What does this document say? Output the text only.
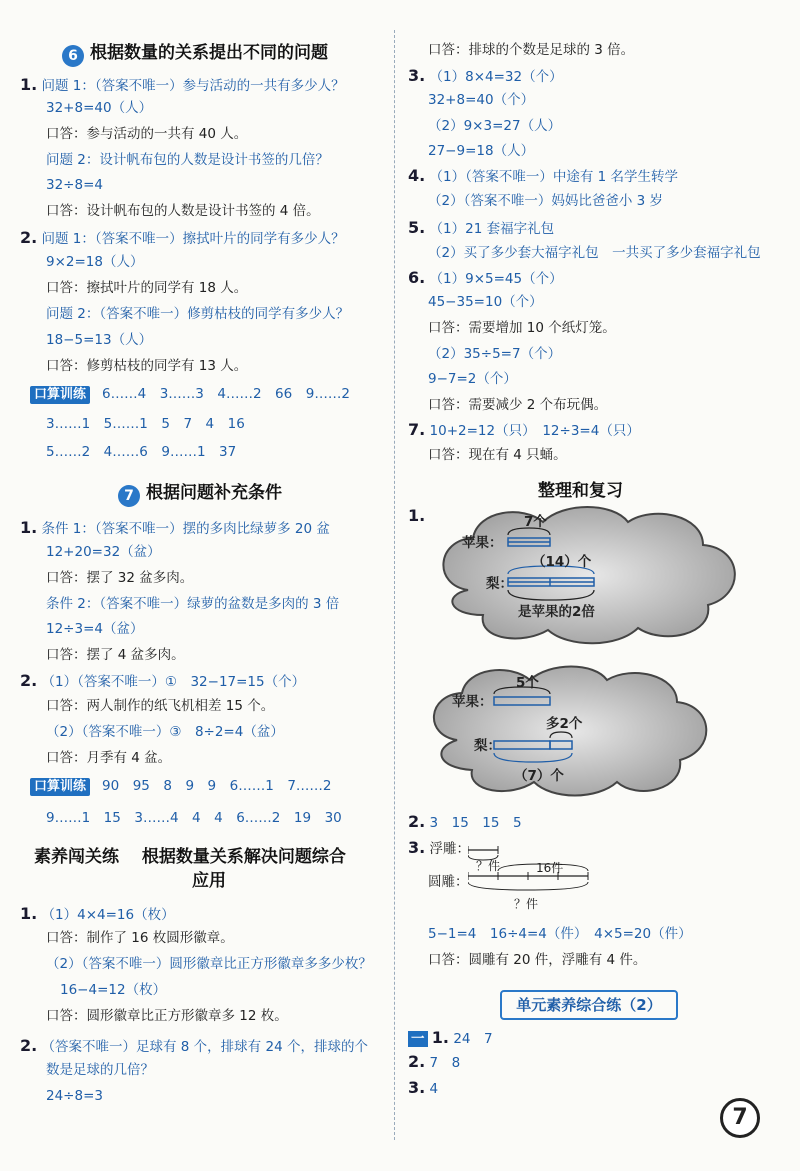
6 根据数量的关系提出不同的问题
1. 问题 1：（答案不唯一）参与活动的一共有多少人？
32+8=40（人）
口答：参与活动的一共有 40 人。
问题 2：设计帆布包的人数是设计书签的几倍？
32÷8=4
口答：设计帆布包的人数是设计书签的 4 倍。
2. 问题 1：（答案不唯一）擦拭叶片的同学有多少人？
9×2=18（人）
口答：擦拭叶片的同学有 18 人。
问题 2：（答案不唯一）修剪枯枝的同学有多少人？
18−5=13（人）
口答：修剪枯枝的同学有 13 人。
口算训练 6……4　3……3　4……2　66　9……2
3……1　5……1　5　7　4　16
5……2　4……6　9……1　37
7 根据问题补充条件
1. 条件 1：（答案不唯一）摆的多肉比绿萝多 20 盆
12+20=32（盆）
口答：摆了 32 盆多肉。
条件 2：（答案不唯一）绿萝的盆数是多肉的 3 倍
12÷3=4（盆）
口答：摆了 4 盆多肉。
2. （1）（答案不唯一）①　32−17=15（个）
口答：两人制作的纸飞机相差 15 个。
（2）（答案不唯一）③　8÷2=4（盆）
口答：月季有 4 盆。
口算训练 90　95　8　9　9　6……1　7……2
9……1　15　3……4　4　4　6……2　19　30
素养闯关练　 根据数量关系解决问题综合
应用
1. （1）4×4=16（枚）
口答：制作了 16 枚圆形徽章。
（2）（答案不唯一）圆形徽章比正方形徽章多多少枚？
16−4=12（枚）
口答：圆形徽章比正方形徽章多 12 枚。
2. （答案不唯一）足球有 8 个，排球有 24 个，排球的个
数是足球的几倍？
24÷8=3
口答：排球的个数是足球的 3 倍。
3. （1）8×4=32（个）
32+8=40（个）
（2）9×3=27（人）
27−9=18（人）
4. （1）（答案不唯一）中途有 1 名学生转学
（2）（答案不唯一）妈妈比爸爸小 3 岁
5. （1）21 套福字礼包
（2）买了多少套大福字礼包　一共买了多少套福字礼包
6. （1）9×5=45（个）
45−35=10（个）
口答：需要增加 10 个纸灯笼。
（2）35÷5=7（个）
9−7=2（个）
口答：需要减少 2 个布玩偶。
7. 10+2=12（只）　12÷3=4（只）
口答：现在有 4 只蛹。
整理和复习
1.
苹果：
7个
（14）个
梨：
是苹果的2倍
苹果：
5个
多2个
梨：
（7）个
2. 3　15　15　5
3. 浮雕：
？件	16件
圆雕：
？件
5−1=4　16÷4=4（件）　4×5=20（件）
口答：圆雕有 20 件，浮雕有 4 件。
单元素养综合练（2）
一 1. 24　7
2. 7　8
3. 4
7
